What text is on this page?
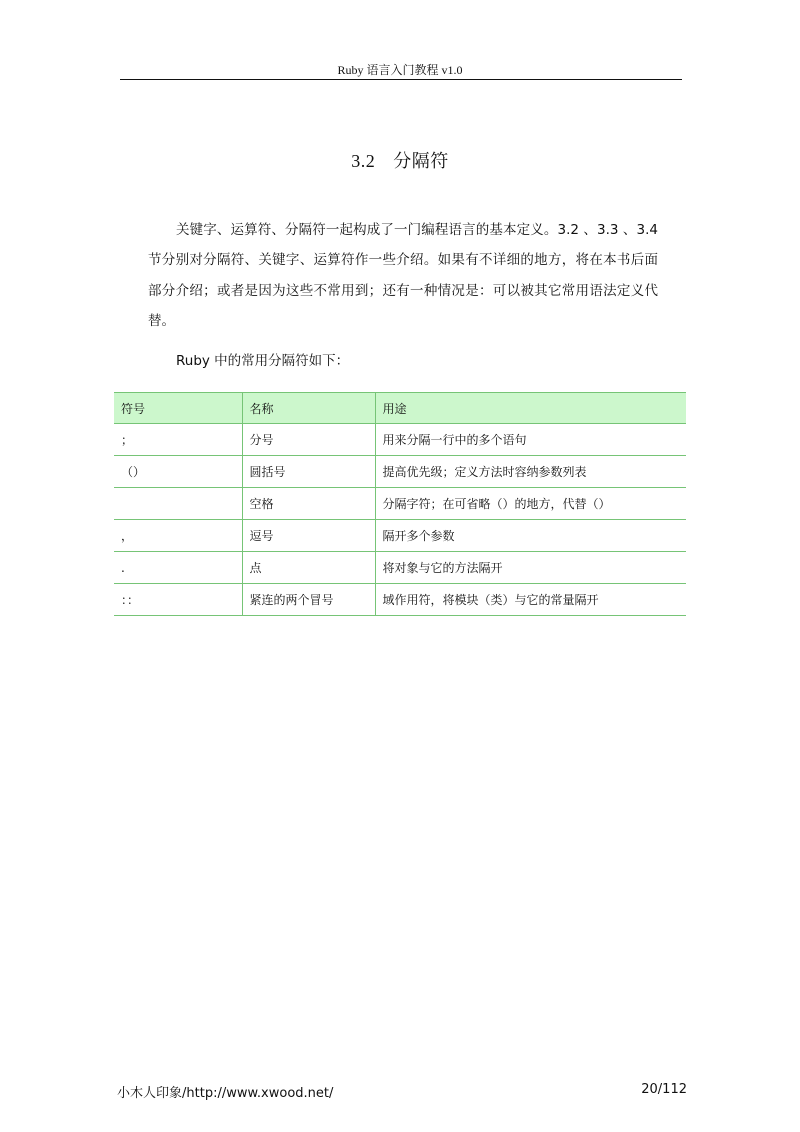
Ruby 语言入门教程 v1.0
3.2 分隔符

关键字、运算符、分隔符一起构成了一门编程语言的基本定义。3.2 、3.3 、3.4 节分别对分隔符、关键字、运算符作一些介绍。如果有不详细的地方，将在本书后面部分介绍；或者是因为这些不常用到；还有一种情况是：可以被其它常用语法定义代替。

Ruby 中的常用分隔符如下：
符号	名称	用途
；	分号	用来分隔一行中的多个语句
（）	圆括号	提高优先级；定义方法时容纳参数列表
	空格	分隔字符；在可省略（）的地方，代替（）
，	逗号	隔开多个参数
.	点	将对象与它的方法隔开
：：	紧连的两个冒号	域作用符，将模块（类）与它的常量隔开
小木人印象/http://www.xwood.net/	20/112
